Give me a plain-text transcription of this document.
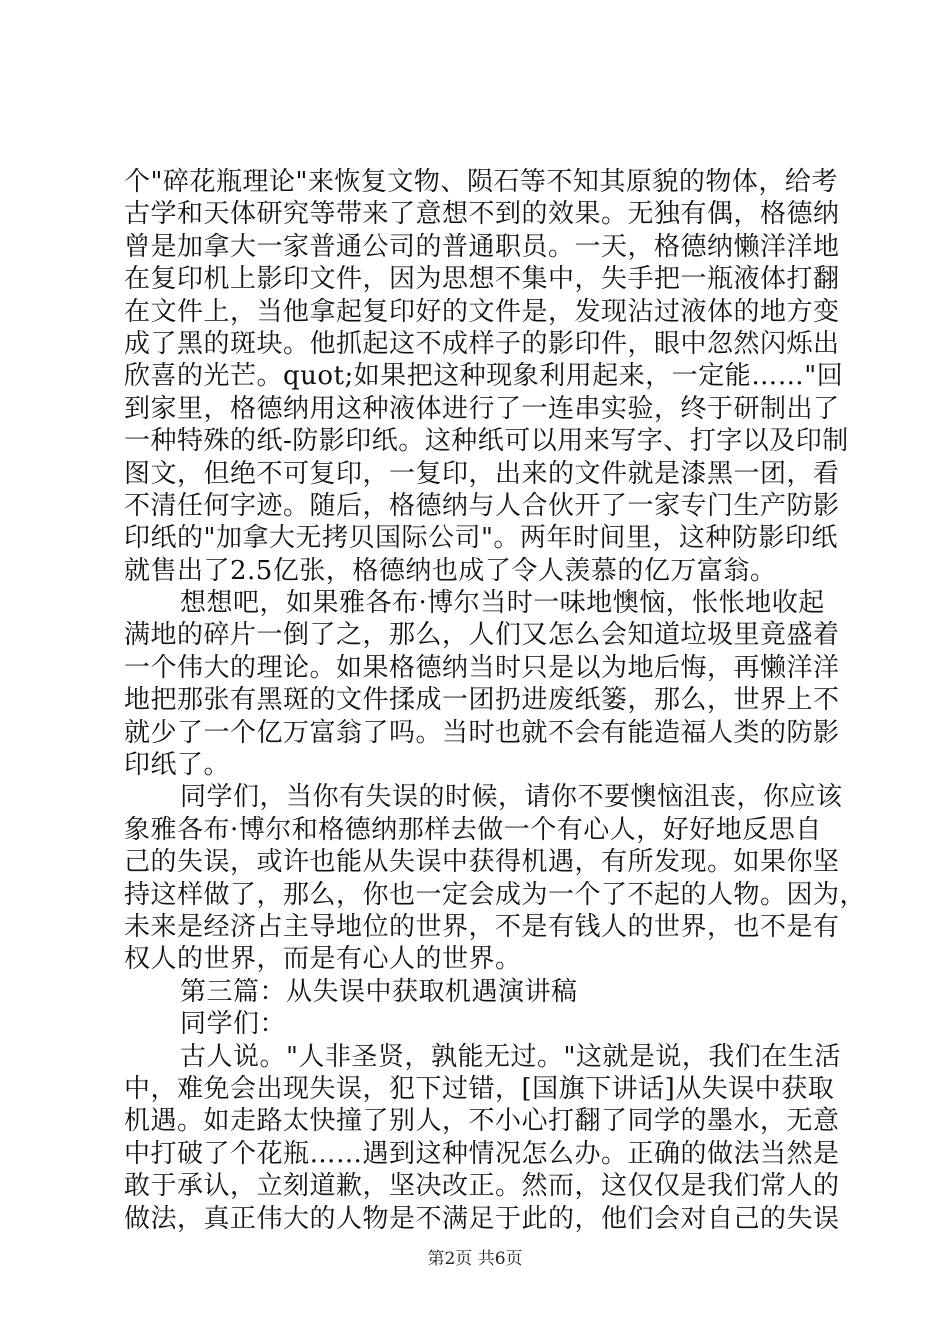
个"碎花瓶理论"来恢复文物、陨石等不知其原貌的物体，给考
古学和天体研究等带来了意想不到的效果。无独有偶，格德纳
曾是加拿大一家普通公司的普通职员。一天，格德纳懒洋洋地
在复印机上影印文件，因为思想不集中，失手把一瓶液体打翻
在文件上，当他拿起复印好的文件是，发现沾过液体的地方变
成了黑的斑块。他抓起这不成样子的影印件，眼中忽然闪烁出
欣喜的光芒。quot;如果把这种现象利用起来，一定能……"回
到家里，格德纳用这种液体进行了一连串实验，终于研制出了
一种特殊的纸-防影印纸。这种纸可以用来写字、打字以及印制
图文，但绝不可复印，一复印，出来的文件就是漆黑一团，看
不清任何字迹。随后，格德纳与人合伙开了一家专门生产防影
印纸的"加拿大无拷贝国际公司"。两年时间里，这种防影印纸
就售出了2.5亿张，格德纳也成了令人羡慕的亿万富翁。
想想吧，如果雅各布·博尔当时一味地懊恼，怅怅地收起
满地的碎片一倒了之，那么，人们又怎么会知道垃圾里竟盛着
一个伟大的理论。如果格德纳当时只是以为地后悔，再懒洋洋
地把那张有黑斑的文件揉成一团扔进废纸篓，那么，世界上不
就少了一个亿万富翁了吗。当时也就不会有能造福人类的防影
印纸了。
同学们，当你有失误的时候，请你不要懊恼沮丧，你应该
象雅各布·博尔和格德纳那样去做一个有心人，好好地反思自
己的失误，或许也能从失误中获得机遇，有所发现。如果你坚
持这样做了，那么，你也一定会成为一个了不起的人物。因为，
未来是经济占主导地位的世界，不是有钱人的世界，也不是有
权人的世界，而是有心人的世界。
第三篇：从失误中获取机遇演讲稿
同学们：
古人说。"人非圣贤，孰能无过。"这就是说，我们在生活
中，难免会出现失误，犯下过错，[国旗下讲话]从失误中获取
机遇。如走路太快撞了别人，不小心打翻了同学的墨水，无意
中打破了个花瓶……遇到这种情况怎么办。正确的做法当然是
敢于承认，立刻道歉，坚决改正。然而，这仅仅是我们常人的
做法，真正伟大的人物是不满足于此的，他们会对自己的失误
第2页 共6页
